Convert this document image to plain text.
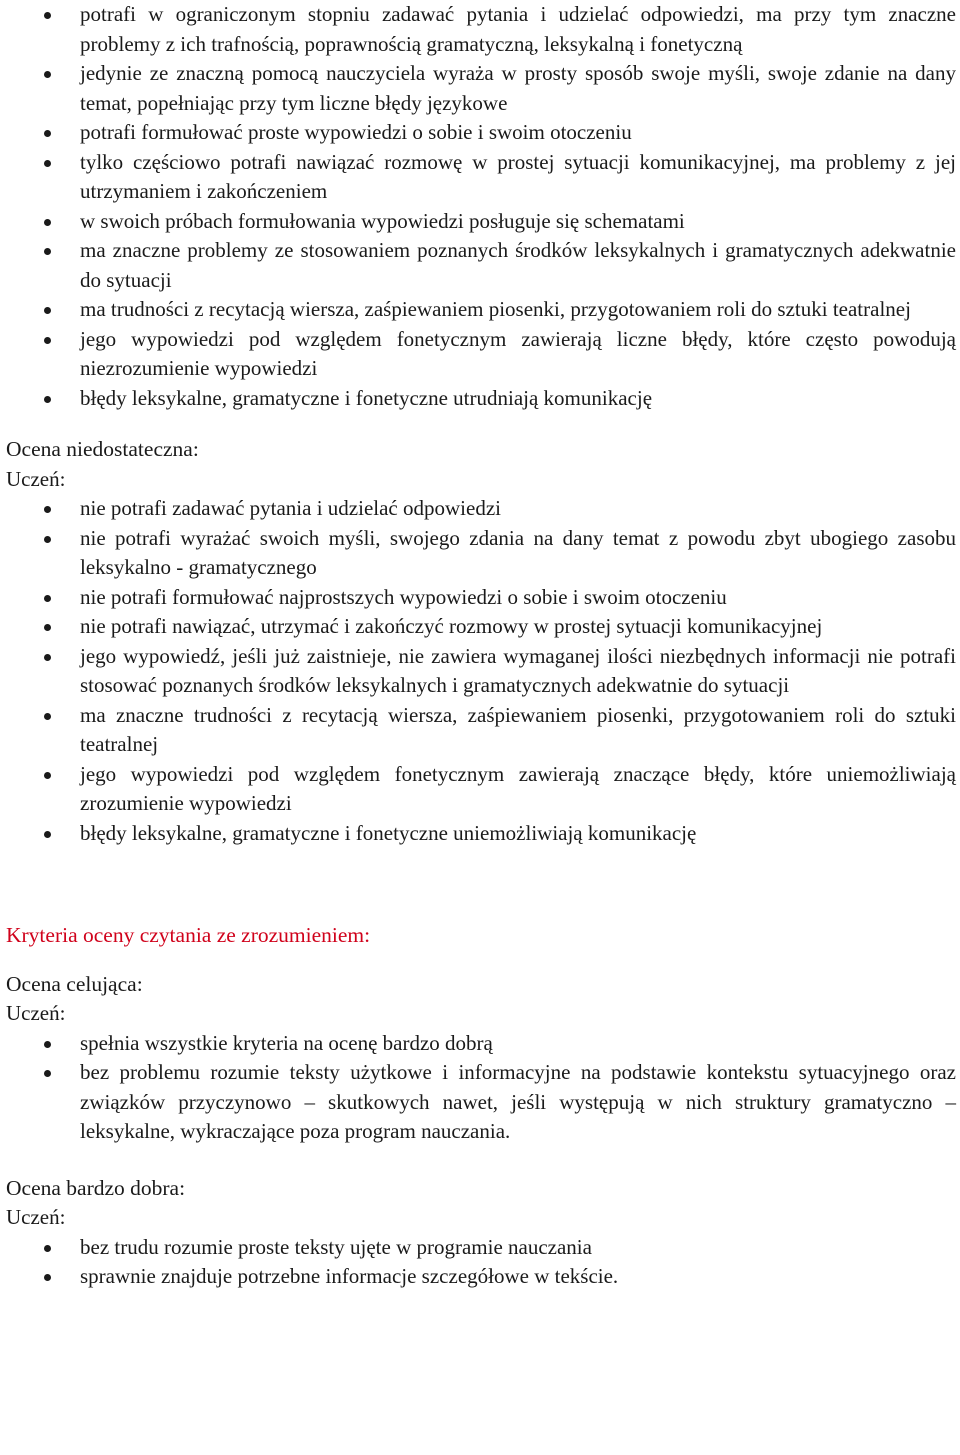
potrafi w ograniczonym stopniu zadawać pytania i udzielać odpowiedzi, ma przy tym znaczne problemy z ich trafnością, poprawnością gramatyczną, leksykalną i fonetyczną
jedynie ze znaczną pomocą nauczyciela wyraża w prosty sposób swoje myśli, swoje zdanie na dany temat, popełniając przy tym liczne błędy językowe
potrafi formułować proste wypowiedzi o sobie i swoim otoczeniu
tylko częściowo potrafi nawiązać rozmowę w prostej sytuacji komunikacyjnej, ma problemy z jej utrzymaniem i zakończeniem
w swoich próbach formułowania wypowiedzi posługuje się schematami
ma znaczne problemy ze stosowaniem poznanych środków leksykalnych i gramatycznych adekwatnie do sytuacji
ma trudności z recytacją wiersza, zaśpiewaniem piosenki, przygotowaniem roli do sztuki teatralnej
jego wypowiedzi pod względem fonetycznym zawierają liczne błędy, które często powodują niezrozumienie wypowiedzi
błędy leksykalne, gramatyczne i fonetyczne utrudniają komunikację

Ocena niedostateczna:

Uczeń:

nie potrafi zadawać pytania i udzielać odpowiedzi
nie potrafi wyrażać swoich myśli, swojego zdania na dany temat z powodu zbyt ubogiego zasobu leksykalno - gramatycznego
nie potrafi formułować najprostszych wypowiedzi o sobie i swoim otoczeniu
nie potrafi nawiązać, utrzymać i zakończyć rozmowy w prostej sytuacji komunikacyjnej
jego wypowiedź, jeśli już zaistnieje, nie zawiera wymaganej ilości niezbędnych informacji nie potrafi stosować poznanych środków leksykalnych i gramatycznych adekwatnie do sytuacji
ma znaczne trudności z recytacją wiersza, zaśpiewaniem piosenki, przygotowaniem roli do sztuki teatralnej
jego wypowiedzi pod względem fonetycznym zawierają znaczące błędy, które uniemożliwiają zrozumienie wypowiedzi
błędy leksykalne, gramatyczne i fonetyczne uniemożliwiają komunikację

Kryteria oceny czytania ze zrozumieniem:

Ocena celująca:

Uczeń:

spełnia wszystkie kryteria na ocenę bardzo dobrą
bez problemu rozumie teksty użytkowe i informacyjne na podstawie kontekstu sytuacyjnego oraz związków przyczynowo – skutkowych nawet, jeśli występują w nich struktury gramatyczno – leksykalne, wykraczające poza program nauczania.

Ocena bardzo dobra:

Uczeń:

bez trudu rozumie proste teksty ujęte w programie nauczania
sprawnie znajduje potrzebne informacje szczegółowe w tekście.
